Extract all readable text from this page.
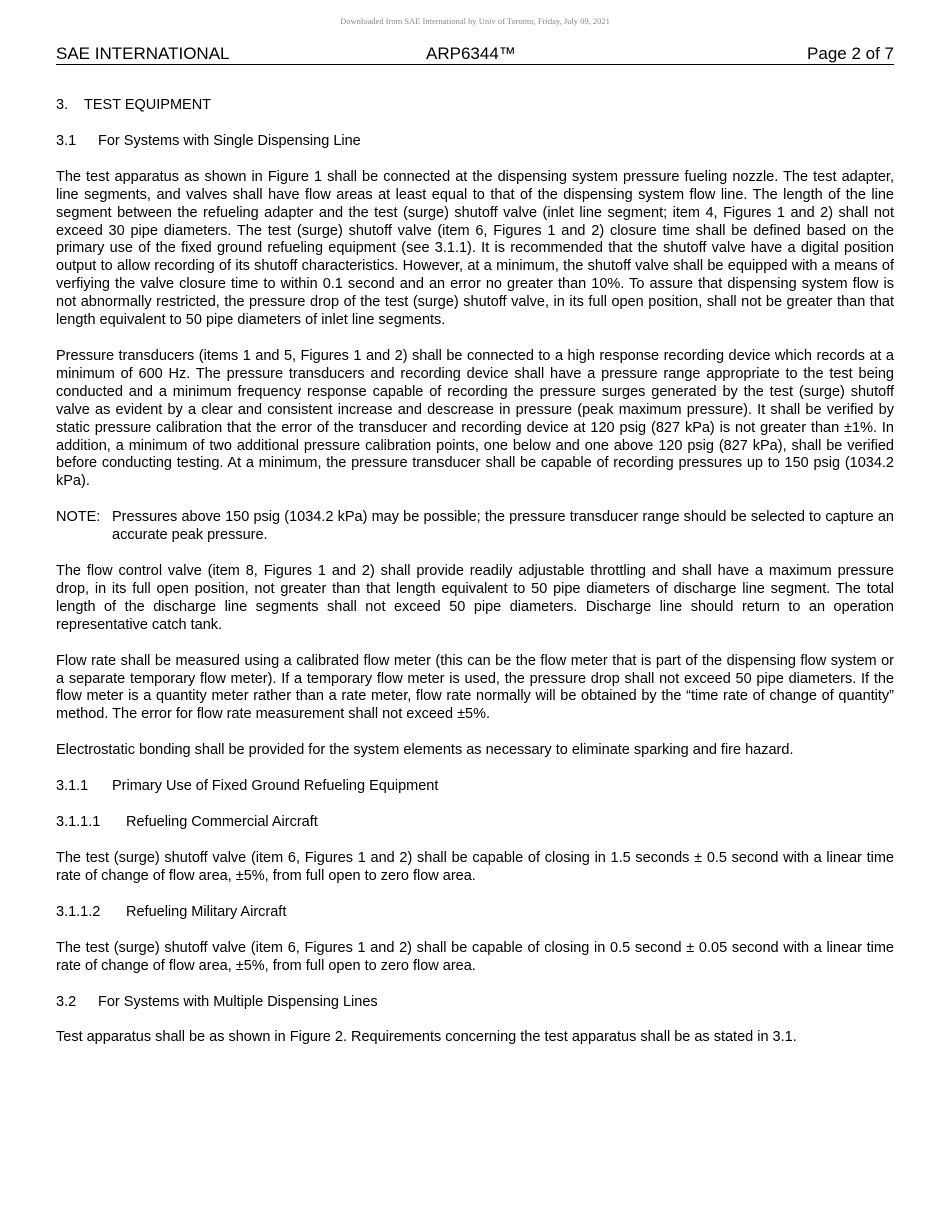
Downloaded from SAE International by Univ of Toronto, Friday, July 09, 2021
SAE INTERNATIONAL	ARP6344™	Page 2 of 7
3. TEST EQUIPMENT
3.1 For Systems with Single Dispensing Line

The test apparatus as shown in Figure 1 shall be connected at the dispensing system pressure fueling nozzle. The test adapter, line segments, and valves shall have flow areas at least equal to that of the dispensing system flow line. The length of the line segment between the refueling adapter and the test (surge) shutoff valve (inlet line segment; item 4, Figures 1 and 2) shall not exceed 30 pipe diameters. The test (surge) shutoff valve (item 6, Figures 1 and 2) closure time shall be defined based on the primary use of the fixed ground refueling equipment (see 3.1.1). It is recommended that the shutoff valve have a digital position output to allow recording of its shutoff characteristics. However, at a minimum, the shutoff valve shall be equipped with a means of verfiying the valve closure time to within 0.1 second and an error no greater than 10%. To assure that dispensing system flow is not abnormally restricted, the pressure drop of the test (surge) shutoff valve, in its full open position, shall not be greater than that length equivalent to 50 pipe diameters of inlet line segments.

Pressure transducers (items 1 and 5, Figures 1 and 2) shall be connected to a high response recording device which records at a minimum of 600 Hz. The pressure transducers and recording device shall have a pressure range appropriate to the test being conducted and a minimum frequency response capable of recording the pressure surges generated by the test (surge) shutoff valve as evident by a clear and consistent increase and descrease in pressure (peak maximum pressure). It shall be verified by static pressure calibration that the error of the transducer and recording device at 120 psig (827 kPa) is not greater than ±1%. In addition, a minimum of two additional pressure calibration points, one below and one above 120 psig (827 kPa), shall be verified before conducting testing. At a minimum, the pressure transducer shall be capable of recording pressures up to 150 psig (1034.2 kPa).

NOTE: Pressures above 150 psig (1034.2 kPa) may be possible; the pressure transducer range should be selected to capture an accurate peak pressure.

The flow control valve (item 8, Figures 1 and 2) shall provide readily adjustable throttling and shall have a maximum pressure drop, in its full open position, not greater than that length equivalent to 50 pipe diameters of discharge line segment. The total length of the discharge line segments shall not exceed 50 pipe diameters. Discharge line should return to an operation representative catch tank.

Flow rate shall be measured using a calibrated flow meter (this can be the flow meter that is part of the dispensing flow system or a separate temporary flow meter). If a temporary flow meter is used, the pressure drop shall not exceed 50 pipe diameters. If the flow meter is a quantity meter rather than a rate meter, flow rate normally will be obtained by the “time rate of change of quantity” method. The error for flow rate measurement shall not exceed ±5%.

Electrostatic bonding shall be provided for the system elements as necessary to eliminate sparking and fire hazard.

3.1.1 Primary Use of Fixed Ground Refueling Equipment
3.1.1.1 Refueling Commercial Aircraft

The test (surge) shutoff valve (item 6, Figures 1 and 2) shall be capable of closing in 1.5 seconds ± 0.5 second with a linear time rate of change of flow area, ±5%, from full open to zero flow area.

3.1.1.2 Refueling Military Aircraft

The test (surge) shutoff valve (item 6, Figures 1 and 2) shall be capable of closing in 0.5 second ± 0.05 second with a linear time rate of change of flow area, ±5%, from full open to zero flow area.

3.2 For Systems with Multiple Dispensing Lines

Test apparatus shall be as shown in Figure 2. Requirements concerning the test apparatus shall be as stated in 3.1.
